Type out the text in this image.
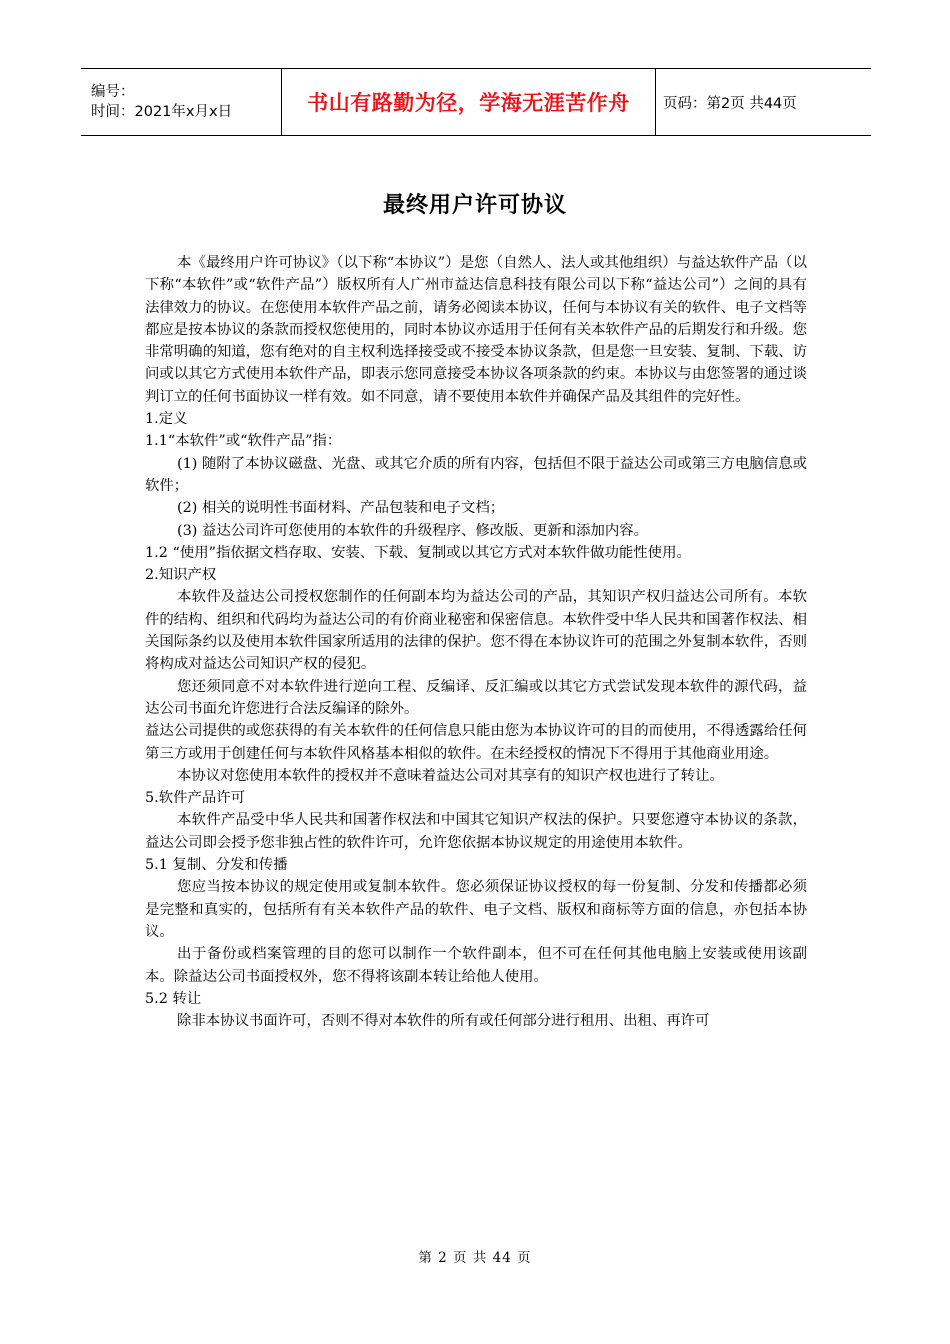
编号：
时间：2021年x月x日	书山有路勤为径，学海无涯苦作舟	页码：第2页 共44页
最终用户许可协议

本《最终用户许可协议》（以下称“本协议”）是您（自然人、法人或其他组织）与益达软件产品（以下称“本软件”或“软件产品”）版权所有人广州市益达信息科技有限公司以下称“益达公司”）之间的具有法律效力的协议。在您使用本软件产品之前，请务必阅读本协议，任何与本协议有关的软件、电子文档等都应是按本协议的条款而授权您使用的，同时本协议亦适用于任何有关本软件产品的后期发行和升级。您非常明确的知道，您有绝对的自主权利选择接受或不接受本协议条款，但是您一旦安装、复制、下载、访问或以其它方式使用本软件产品，即表示您同意接受本协议各项条款的约束。本协议与由您签署的通过谈判订立的任何书面协议一样有效。如不同意，请不要使用本软件并确保产品及其组件的完好性。

1.定义

1.1“本软件”或“软件产品”指：

(1) 随附了本协议磁盘、光盘、或其它介质的所有内容，包括但不限于益达公司或第三方电脑信息或软件；

(2) 相关的说明性书面材料、产品包装和电子文档；

(3) 益达公司许可您使用的本软件的升级程序、修改版、更新和添加内容。

1.2 “使用”指依据文档存取、安装、下载、复制或以其它方式对本软件做功能性使用。

2.知识产权

本软件及益达公司授权您制作的任何副本均为益达公司的产品，其知识产权归益达公司所有。本软件的结构、组织和代码均为益达公司的有价商业秘密和保密信息。本软件受中华人民共和国著作权法、相关国际条约以及使用本软件国家所适用的法律的保护。您不得在本协议许可的范围之外复制本软件，否则将构成对益达公司知识产权的侵犯。

您还须同意不对本软件进行逆向工程、反编译、反汇编或以其它方式尝试发现本软件的源代码，益达公司书面允许您进行合法反编译的除外。

益达公司提供的或您获得的有关本软件的任何信息只能由您为本协议许可的目的而使用，不得透露给任何第三方或用于创建任何与本软件风格基本相似的软件。在未经授权的情况下不得用于其他商业用途。

本协议对您使用本软件的授权并不意味着益达公司对其享有的知识产权也进行了转让。

5.软件产品许可

本软件产品受中华人民共和国著作权法和中国其它知识产权法的保护。只要您遵守本协议的条款，益达公司即会授予您非独占性的软件许可，允许您依据本协议规定的用途使用本软件。

5.1 复制、分发和传播

您应当按本协议的规定使用或复制本软件。您必须保证协议授权的每一份复制、分发和传播都必须是完整和真实的，包括所有有关本软件产品的软件、电子文档、版权和商标等方面的信息，亦包括本协议。

出于备份或档案管理的目的您可以制作一个软件副本，但不可在任何其他电脑上安装或使用该副本。除益达公司书面授权外，您不得将该副本转让给他人使用。

5.2 转让

除非本协议书面许可，否则不得对本软件的所有或任何部分进行租用、出租、再许可

第 2 页 共 44 页
